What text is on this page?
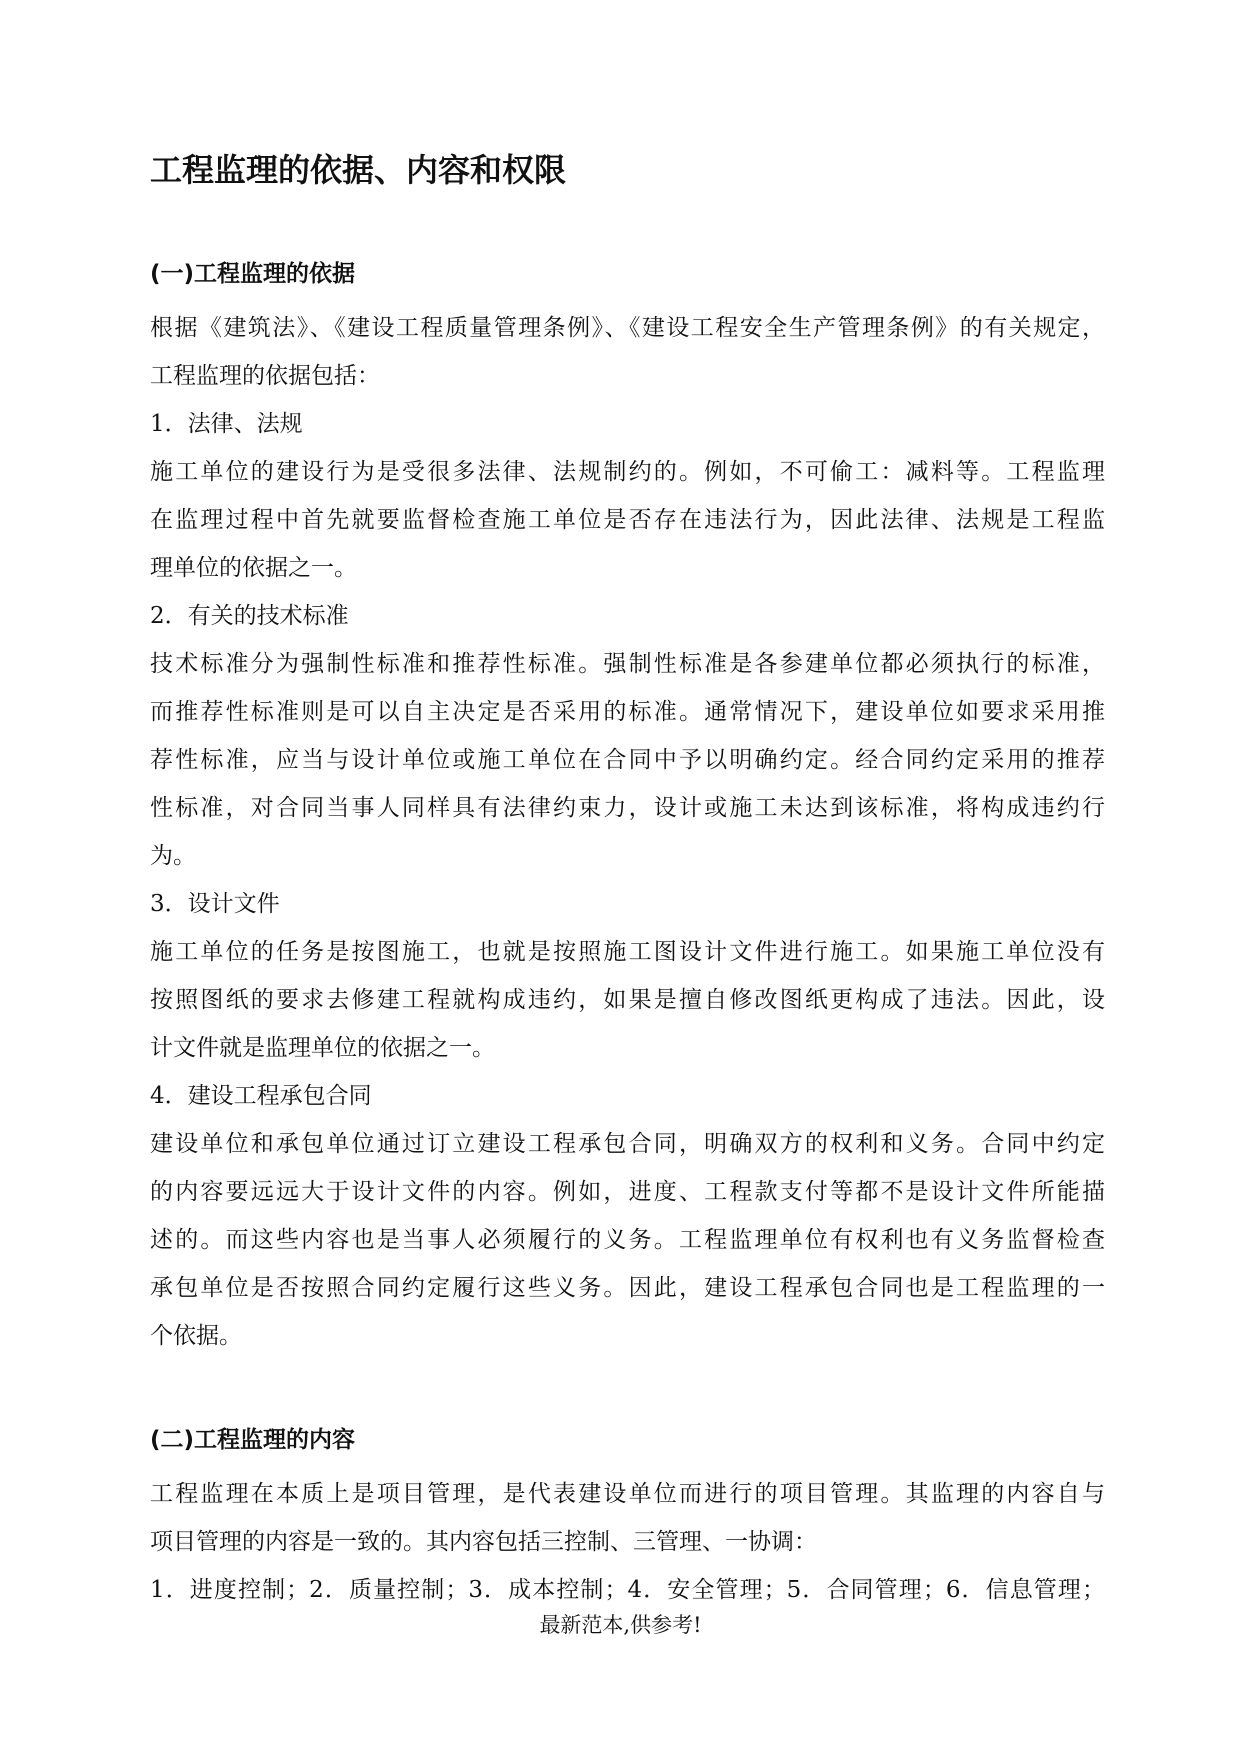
工程监理的依据、内容和权限
(一)工程监理的依据
根据《建筑法》、《建设工程质量管理条例》、《建设工程安全生产管理条例》的有关规定，
工程监理的依据包括：
1．法律、法规
施工单位的建设行为是受很多法律、法规制约的。例如，不可偷工：减料等。工程监理
在监理过程中首先就要监督检查施工单位是否存在违法行为，因此法律、法规是工程监
理单位的依据之一。
2．有关的技术标准
技术标准分为强制性标准和推荐性标准。强制性标准是各参建单位都必须执行的标准，
而推荐性标准则是可以自主决定是否采用的标准。通常情况下，建设单位如要求采用推
荐性标准，应当与设计单位或施工单位在合同中予以明确约定。经合同约定采用的推荐
性标准，对合同当事人同样具有法律约束力，设计或施工未达到该标准，将构成违约行
为。
3．设计文件
施工单位的任务是按图施工，也就是按照施工图设计文件进行施工。如果施工单位没有
按照图纸的要求去修建工程就构成违约，如果是擅自修改图纸更构成了违法。因此，设
计文件就是监理单位的依据之一。
4．建设工程承包合同
建设单位和承包单位通过订立建设工程承包合同，明确双方的权利和义务。合同中约定
的内容要远远大于设计文件的内容。例如，进度、工程款支付等都不是设计文件所能描
述的。而这些内容也是当事人必须履行的义务。工程监理单位有权利也有义务监督检查
承包单位是否按照合同约定履行这些义务。因此，建设工程承包合同也是工程监理的一
个依据。
(二)工程监理的内容
工程监理在本质上是项目管理，是代表建设单位而进行的项目管理。其监理的内容自与
项目管理的内容是一致的。其内容包括三控制、三管理、一协调：
1．进度控制；2．质量控制；3．成本控制；4．安全管理；5．合同管理；6．信息管理；
最新范本,供参考!
